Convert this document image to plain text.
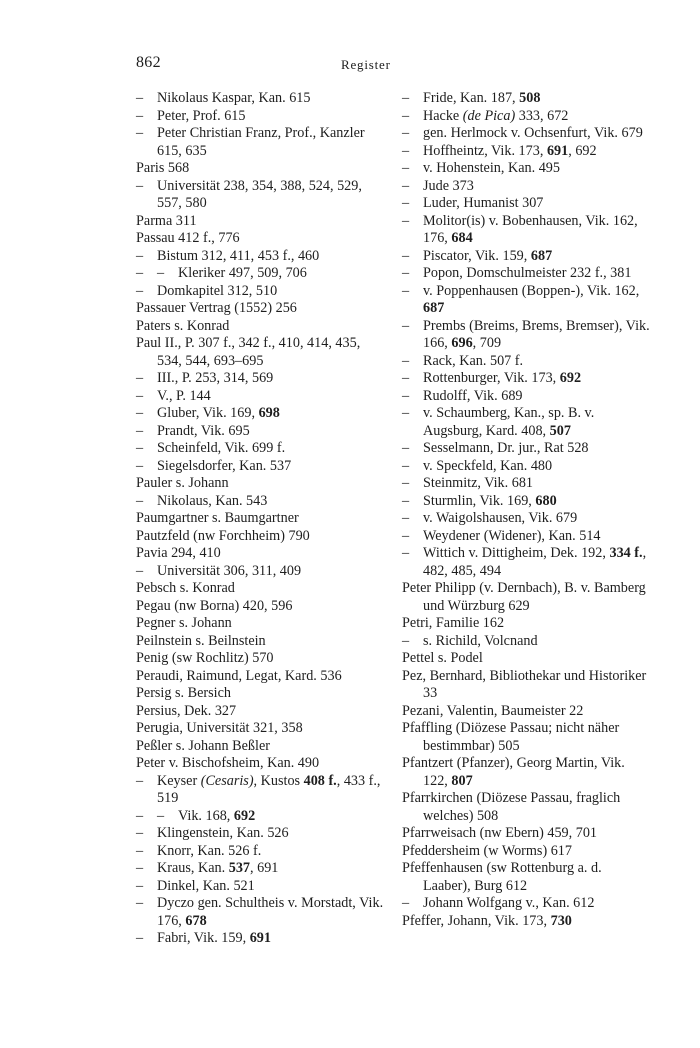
862	Register

– Nikolaus Kaspar, Kan. 615

– Peter, Prof. 615

– Peter Christian Franz, Prof., Kanzler 615, 635

Paris 568

– Universität 238, 354, 388, 524, 529, 557, 580

Parma 311

Passau 412 f., 776

– Bistum 312, 411, 453 f., 460

– – Kleriker 497, 509, 706

– Domkapitel 312, 510

Passauer Vertrag (1552) 256

Paters s. Konrad

Paul II., P. 307 f., 342 f., 410, 414, 435, 534, 544, 693–695

– III., P. 253, 314, 569

– V., P. 144

– Gluber, Vik. 169, 698

– Prandt, Vik. 695

– Scheinfeld, Vik. 699 f.

– Siegelsdorfer, Kan. 537

Pauler s. Johann

– Nikolaus, Kan. 543

Paumgartner s. Baumgartner

Pautzfeld (nw Forchheim) 790

Pavia 294, 410

– Universität 306, 311, 409

Pebsch s. Konrad

Pegau (nw Borna) 420, 596

Pegner s. Johann

Peilnstein s. Beilnstein

Penig (sw Rochlitz) 570

Peraudi, Raimund, Legat, Kard. 536

Persig s. Bersich

Persius, Dek. 327

Perugia, Universität 321, 358

Peßler s. Johann Beßler

Peter v. Bischofsheim, Kan. 490

– Keyser (Cesaris), Kustos 408 f., 433 f., 519

– – Vik. 168, 692

– Klingenstein, Kan. 526

– Knorr, Kan. 526 f.

– Kraus, Kan. 537, 691

– Dinkel, Kan. 521

– Dyczo gen. Schultheis v. Morstadt, Vik. 176, 678

– Fabri, Vik. 159, 691

– Fride, Kan. 187, 508

– Hacke (de Pica) 333, 672

– gen. Herlmock v. Ochsenfurt, Vik. 679

– Hoffheintz, Vik. 173, 691, 692

– v. Hohenstein, Kan. 495

– Jude 373

– Luder, Humanist 307

– Molitor(is) v. Bobenhausen, Vik. 162, 176, 684

– Piscator, Vik. 159, 687

– Popon, Domschulmeister 232 f., 381

– v. Poppenhausen (Boppen-), Vik. 162, 687

– Prembs (Breims, Brems, Bremser), Vik. 166, 696, 709

– Rack, Kan. 507 f.

– Rottenburger, Vik. 173, 692

– Rudolff, Vik. 689

– v. Schaumberg, Kan., sp. B. v. Augsburg, Kard. 408, 507

– Sesselmann, Dr. jur., Rat 528

– v. Speckfeld, Kan. 480

– Steinmitz, Vik. 681

– Sturmlin, Vik. 169, 680

– v. Waigolshausen, Vik. 679

– Weydener (Widener), Kan. 514

– Wittich v. Dittigheim, Dek. 192, 334 f., 482, 485, 494

Peter Philipp (v. Dernbach), B. v. Bamberg und Würzburg 629

Petri, Familie 162

– s. Richild, Volcnand

Pettel s. Podel

Pez, Bernhard, Bibliothekar und Historiker 33

Pezani, Valentin, Baumeister 22

Pfaffling (Diözese Passau; nicht näher bestimmbar) 505

Pfantzert (Pfanzer), Georg Martin, Vik. 122, 807

Pfarrkirchen (Diözese Passau, fraglich welches) 508

Pfarrweisach (nw Ebern) 459, 701

Pfeddersheim (w Worms) 617

Pfeffenhausen (sw Rottenburg a. d. Laaber), Burg 612

– Johann Wolfgang v., Kan. 612

Pfeffer, Johann, Vik. 173, 730
